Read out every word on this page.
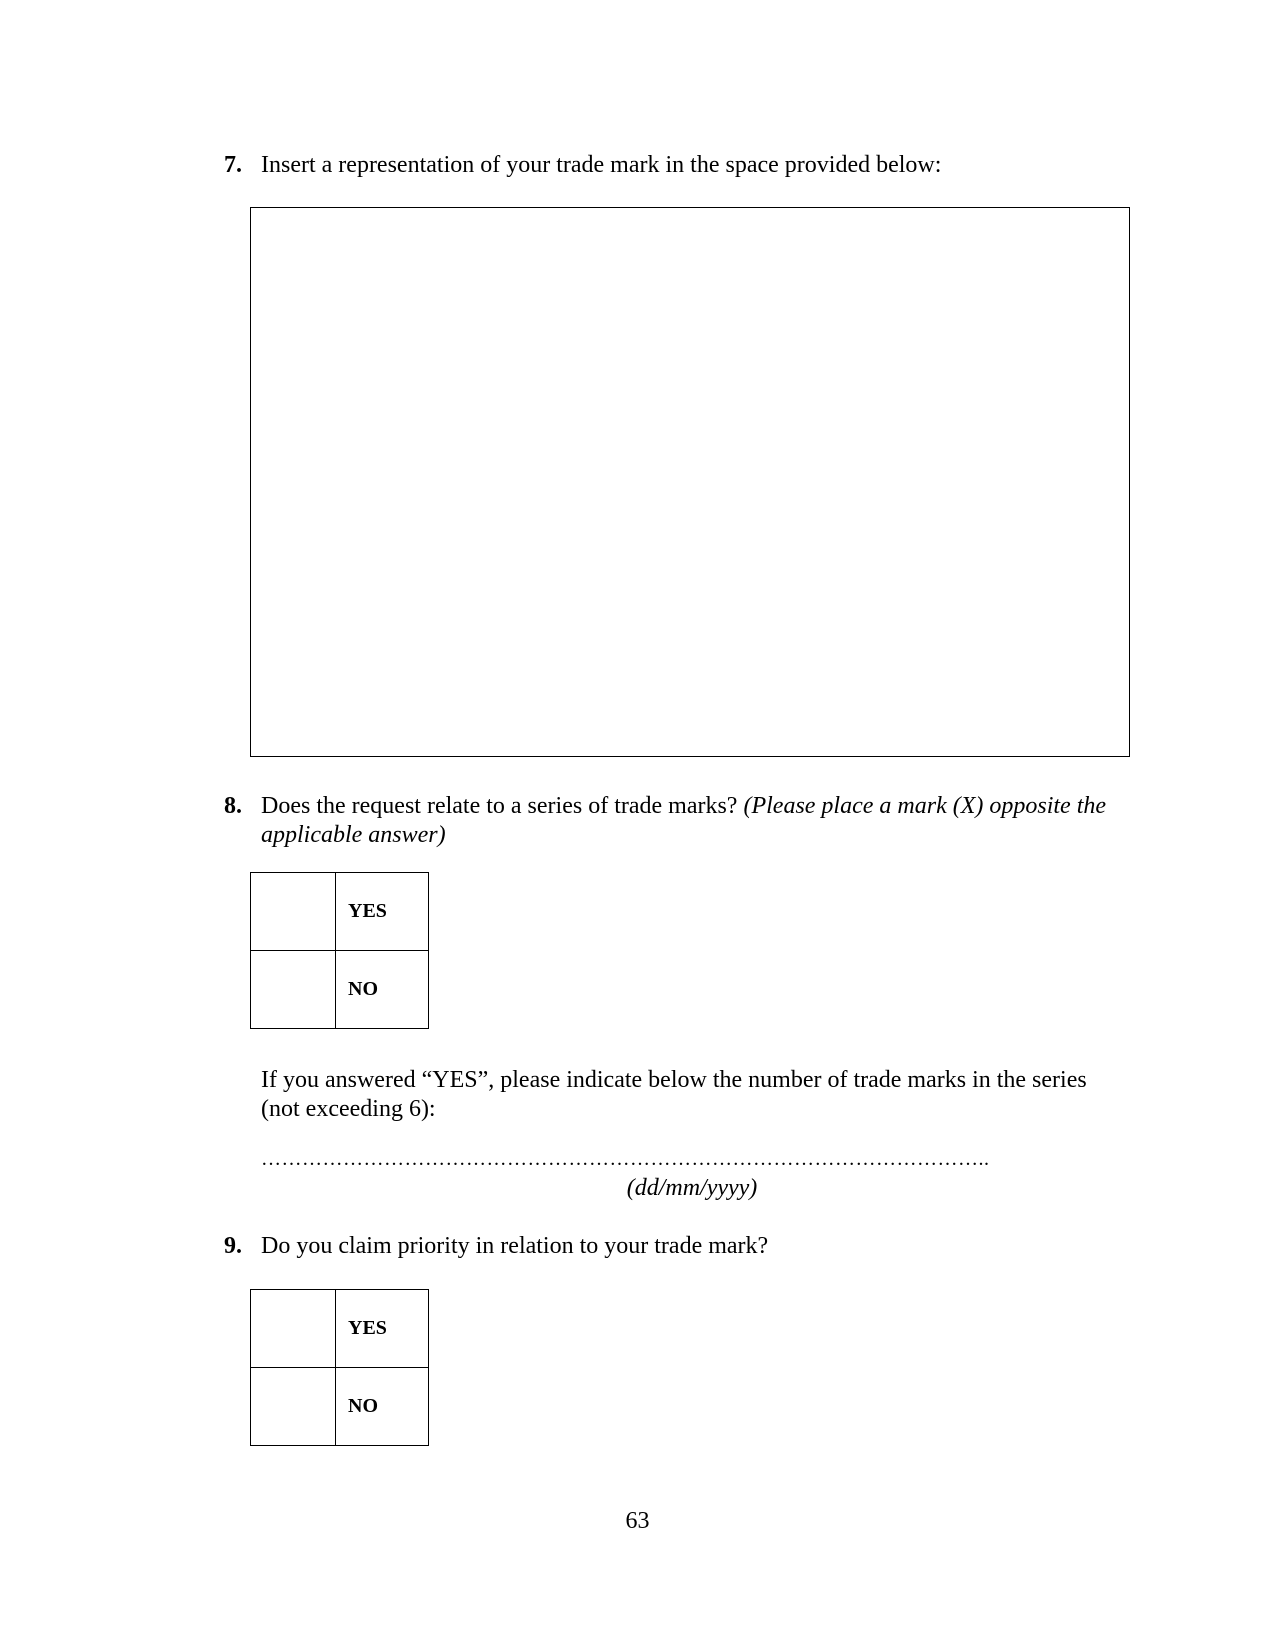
7. Insert a representation of your trade mark in the space provided below:
8. Does the request relate to a series of trade marks? (Please place a mark (X) opposite the applicable answer)
	YES
	NO
If you answered “YES”, please indicate below the number of trade marks in the series (not exceeding 6):
……………………………………………………………………………………………..
(dd/mm/yyyy)
9. Do you claim priority in relation to your trade mark?
	YES
	NO
63
